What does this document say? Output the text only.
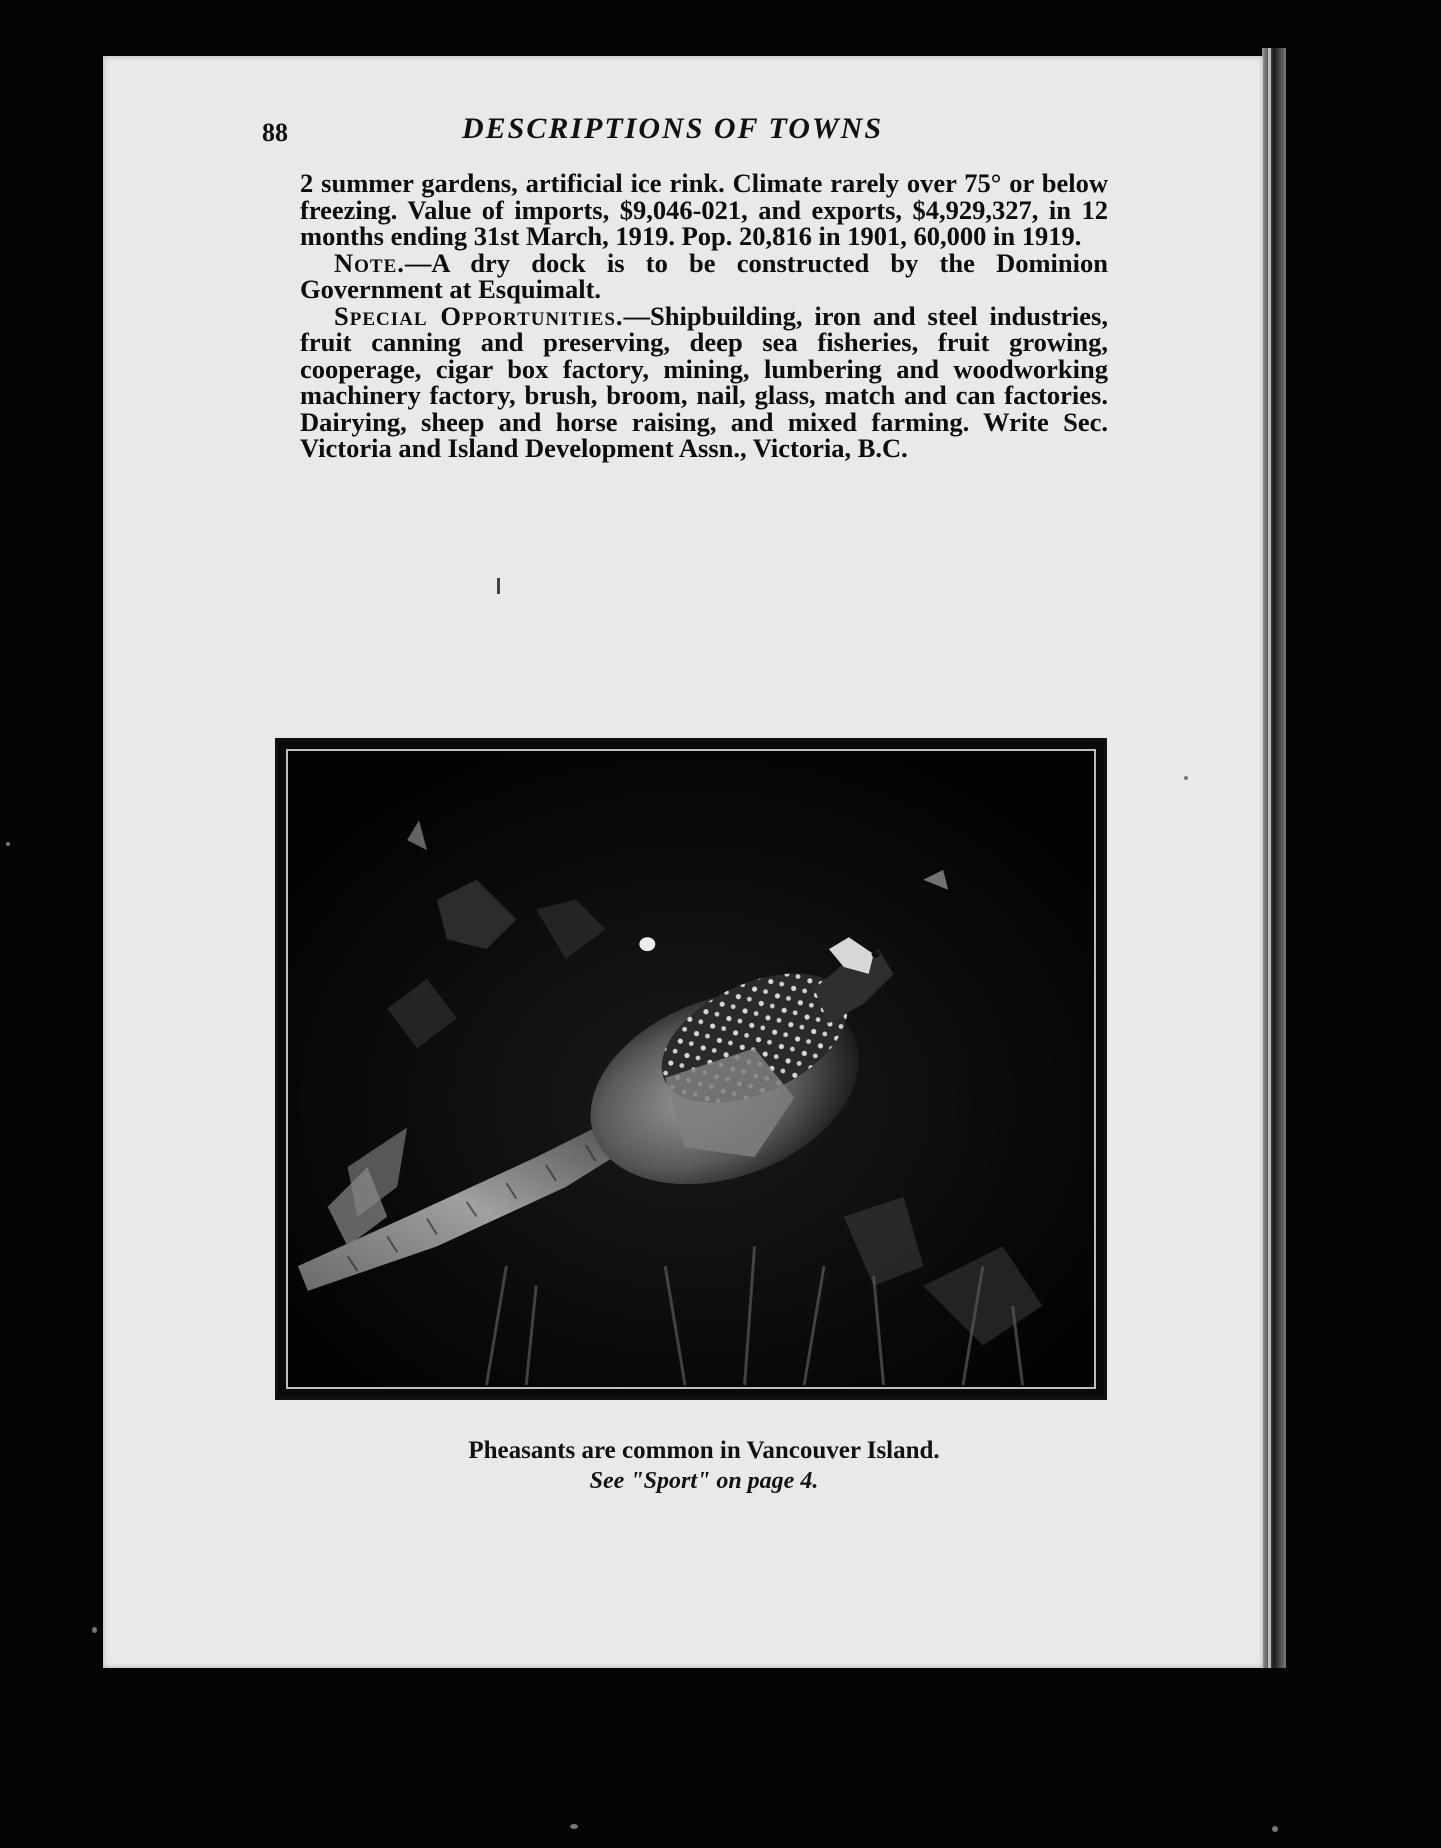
88	DESCRIPTIONS OF TOWNS

2 summer gardens, artificial ice rink. Climate rarely over 75° or below freezing. Value of imports, $9,046-021, and exports, $4,929,327, in 12 months ending 31st March, 1919. Pop. 20,816 in 1901, 60,000 in 1919.

Note.—A dry dock is to be constructed by the Dominion Government at Esquimalt.

Special Opportunities.—Shipbuilding, iron and steel industries, fruit canning and preserving, deep sea fisheries, fruit growing, cooperage, cigar box factory, mining, lumbering and woodworking machinery factory, brush, broom, nail, glass, match and can factories. Dairying, sheep and horse raising, and mixed farming. Write Sec. Victoria and Island Development Assn., Victoria, B.C.

Pheasants are common in Vancouver Island.
See "Sport" on page 4.
